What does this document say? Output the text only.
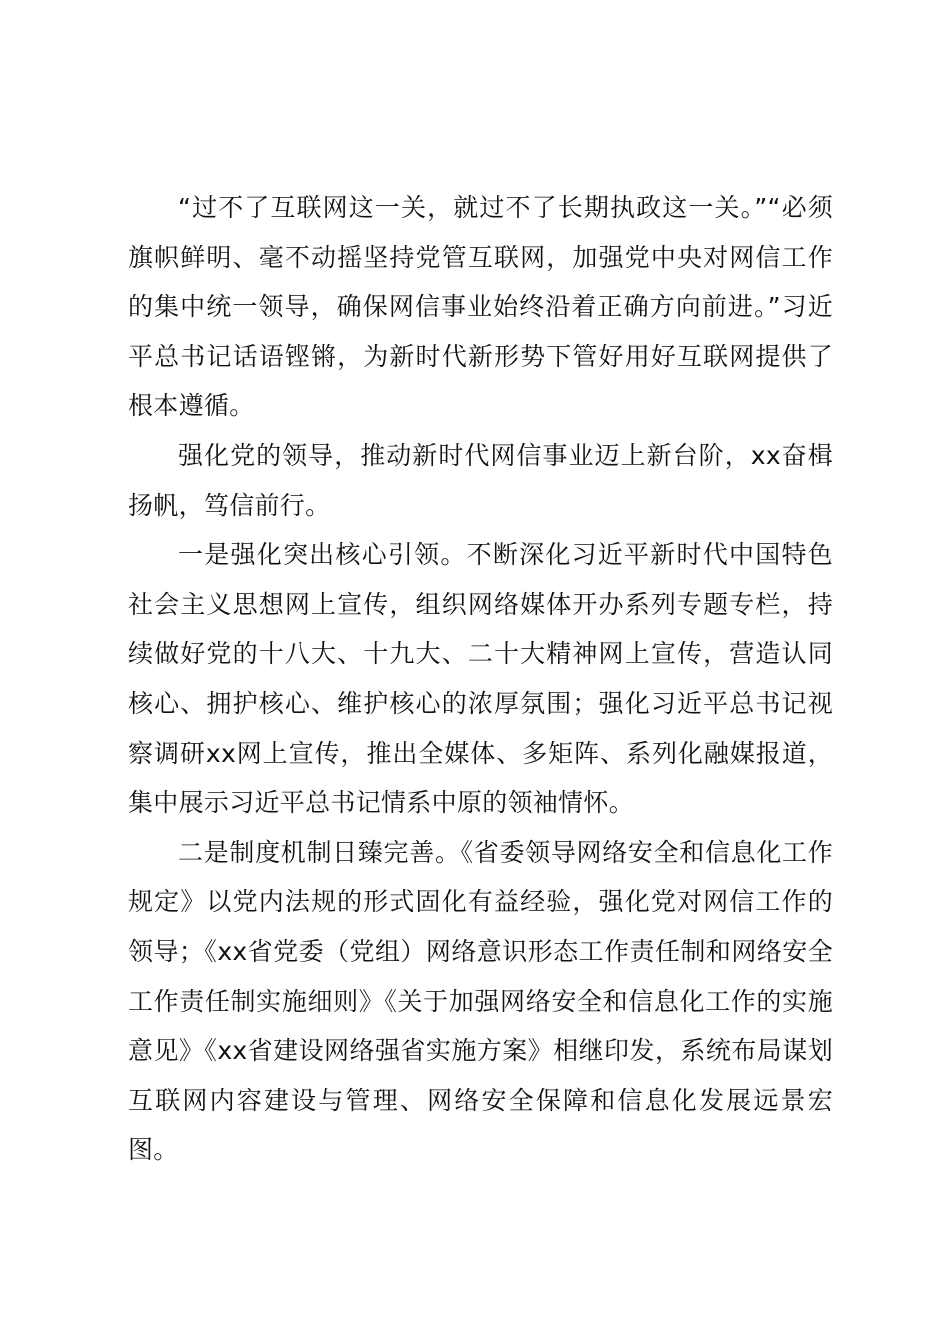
“过不了互联网这一关，就过不了长期执政这一关。”“必须旗帜鲜明、毫不动摇坚持党管互联网，加强党中央对网信工作的集中统一领导，确保网信事业始终沿着正确方向前进。”习近平总书记话语铿锵，为新时代新形势下管好用好互联网提供了根本遵循。

强化党的领导，推动新时代网信事业迈上新台阶，xx奋楫扬帆，笃信前行。

一是强化突出核心引领。不断深化习近平新时代中国特色社会主义思想网上宣传，组织网络媒体开办系列专题专栏，持续做好党的十八大、十九大、二十大精神网上宣传，营造认同核心、拥护核心、维护核心的浓厚氛围；强化习近平总书记视察调研xx网上宣传，推出全媒体、多矩阵、系列化融媒报道，集中展示习近平总书记情系中原的领袖情怀。

二是制度机制日臻完善。《省委领导网络安全和信息化工作规定》以党内法规的形式固化有益经验，强化党对网信工作的领导；《xx省党委（党组）网络意识形态工作责任制和网络安全工作责任制实施细则》《关于加强网络安全和信息化工作的实施意见》《xx省建设网络强省实施方案》相继印发，系统布局谋划互联网内容建设与管理、网络安全保障和信息化发展远景宏图。
